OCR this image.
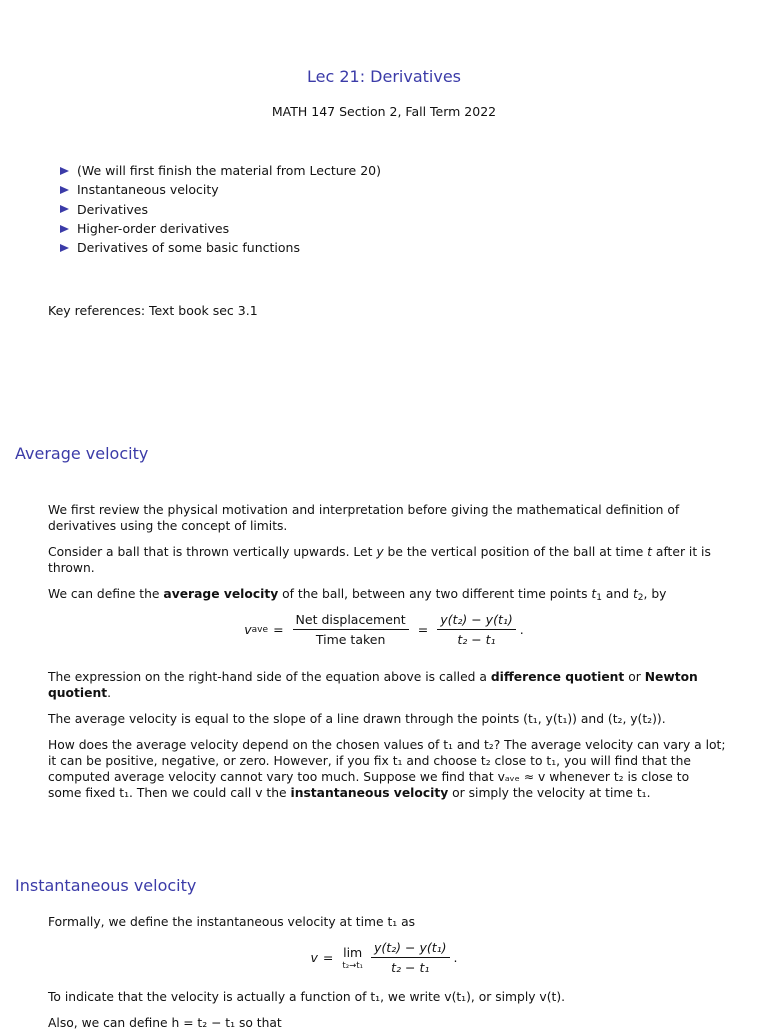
Lec 21: Derivatives
MATH 147 Section 2, Fall Term 2022
(We will first finish the material from Lecture 20)
Instantaneous velocity
Derivatives
Higher-order derivatives
Derivatives of some basic functions
Key references: Text book sec 3.1
Average velocity
We first review the physical motivation and interpretation before giving the mathematical definition of derivatives using the concept of limits.
Consider a ball that is thrown vertically upwards. Let y be the vertical position of the ball at time t after it is thrown.
We can define the average velocity of the ball, between any two different time points $t_1$ and $t_2$, by
v ave = $\frac{\text{Net displacement}}{\text{Time taken}} = \frac{\text{y(t₂) − y(t₁)}}{\text{t₂ − t₁}}$ .
The expression on the right-hand side of the equation above is called a difference quotient or Newton quotient.
The average velocity is equal to the slope of a line drawn through the points (t₁, y(t₁)) and (t₂, y(t₂)).
How does the average velocity depend on the chosen values of t₁ and t₂? The average velocity can vary a lot; it can be positive, negative, or zero. However, if you fix t₁ and choose t₂ close to t₁, you will find that the computed average velocity cannot vary too much. Suppose we find that vₐᵥₑ ≈ v whenever t₂ is close to some fixed t₁. Then we could call v the instantaneous velocity or simply the velocity at time t₁.
Instantaneous velocity
Formally, we define the instantaneous velocity at time t₁ as
v = lim
$t_2\to t_1 \frac{\text{y(t₂) − y(t₁)}}{\text{t₂ − t₁}}$ .
To indicate that the velocity is actually a function of t₁, we write v(t₁), or simply v(t).
Also, we can define h = t₂ − t₁ so that
